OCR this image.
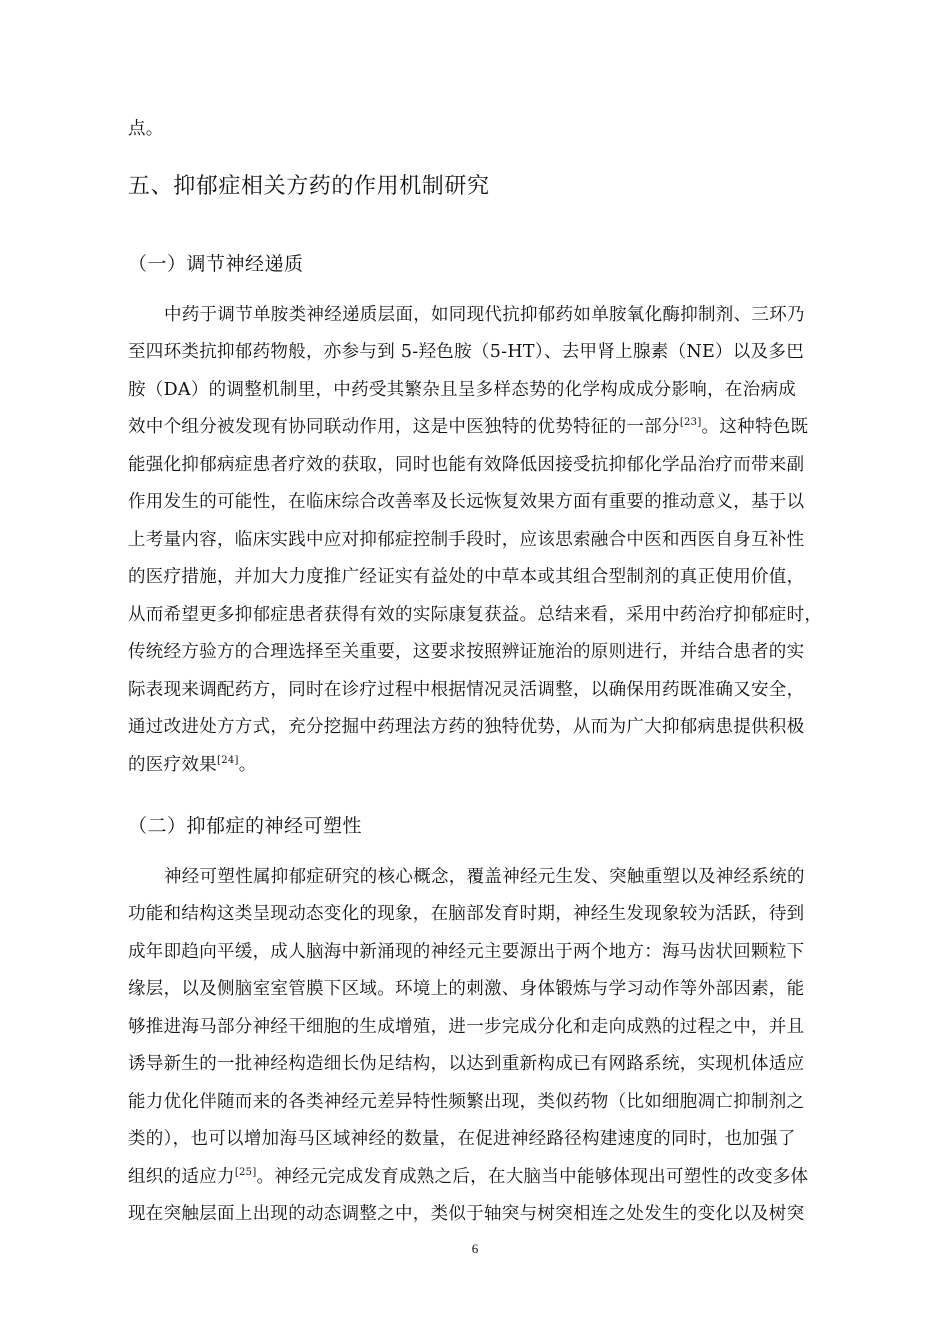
点。
五、抑郁症相关方药的作用机制研究
（一）调节神经递质
中药于调节单胺类神经递质层面，如同现代抗抑郁药如单胺氧化酶抑制剂、三环乃
至四环类抗抑郁药物般，亦参与到 5-羟色胺（5-HT）、去甲肾上腺素（NE）以及多巴
胺（DA）的调整机制里，中药受其繁杂且呈多样态势的化学构成成分影响，在治病成
效中个组分被发现有协同联动作用，这是中医独特的优势特征的一部分[23]。这种特色既
能强化抑郁病症患者疗效的获取，同时也能有效降低因接受抗抑郁化学品治疗而带来副
作用发生的可能性，在临床综合改善率及长远恢复效果方面有重要的推动意义，基于以
上考量内容，临床实践中应对抑郁症控制手段时，应该思索融合中医和西医自身互补性
的医疗措施，并加大力度推广经证实有益处的中草本或其组合型制剂的真正使用价值，
从而希望更多抑郁症患者获得有效的实际康复获益。总结来看，采用中药治疗抑郁症时，
传统经方验方的合理选择至关重要，这要求按照辨证施治的原则进行，并结合患者的实
际表现来调配药方，同时在诊疗过程中根据情况灵活调整，以确保用药既准确又安全，
通过改进处方方式，充分挖掘中药理法方药的独特优势，从而为广大抑郁病患提供积极
的医疗效果[24]。
（二）抑郁症的神经可塑性
神经可塑性属抑郁症研究的核心概念，覆盖神经元生发、突触重塑以及神经系统的
功能和结构这类呈现动态变化的现象，在脑部发育时期，神经生发现象较为活跃，待到
成年即趋向平缓，成人脑海中新涌现的神经元主要源出于两个地方：海马齿状回颗粒下
缘层，以及侧脑室室管膜下区域。环境上的刺激、身体锻炼与学习动作等外部因素，能
够推进海马部分神经干细胞的生成增殖，进一步完成分化和走向成熟的过程之中，并且
诱导新生的一批神经构造细长伪足结构，以达到重新构成已有网路系统，实现机体适应
能力优化伴随而来的各类神经元差异特性频繁出现，类似药物（比如细胞凋亡抑制剂之
类的），也可以增加海马区域神经的数量，在促进神经路径构建速度的同时，也加强了
组织的适应力[25]。神经元完成发育成熟之后，在大脑当中能够体现出可塑性的改变多体
现在突触层面上出现的动态调整之中，类似于轴突与树突相连之处发生的变化以及树突
6
